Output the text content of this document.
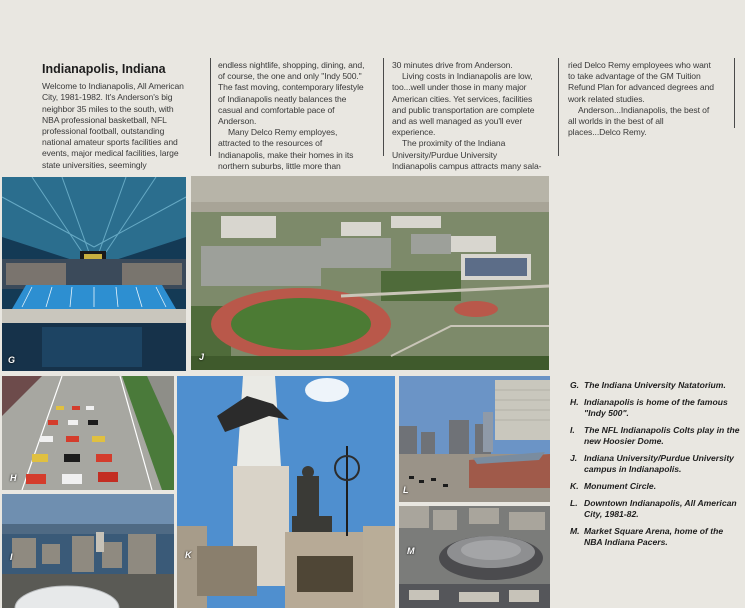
Indianapolis, Indiana

Welcome to Indianapolis, All American City, 1981-1982. It's Anderson's big neighbor 35 miles to the south, with NBA professional basketball, NFL professional football, outstanding national amateur sports facilities and events, major medical facilities, large state universities, seemingly

endless nightlife, shopping, dining, and, of course, the one and only "Indy 500." The fast moving, contemporary lifestyle of Indianapolis neatly balances the casual and comfortable pace of Anderson.

Many Delco Remy employes, attracted to the resources of Indianapolis, make their homes in its northern suburbs, little more than

30 minutes drive from Anderson.

Living costs in Indianapolis are low, too...well under those in many major American cities. Yet services, facilities and public transportation are complete and as well managed as you'll ever experience.

The proximity of the Indiana University/Purdue University Indianapolis campus attracts many sala-

ried Delco Remy employees who want to take advantage of the GM Tuition Refund Plan for advanced degrees and work related studies.

Anderson...Indianapolis, the best of all worlds in the best of all places...Delco Remy.

G	J
H
I	K
L
M

G. The Indiana University Natatorium.

H. Indianapolis is home of the famous "Indy 500".

I. The NFL Indianapolis Colts play in the new Hoosier Dome.

J. Indiana University/Purdue University campus in Indianapolis.

K. Monument Circle.

L. Downtown Indianapolis, All American City, 1981-82.

M. Market Square Arena, home of the NBA Indiana Pacers.
